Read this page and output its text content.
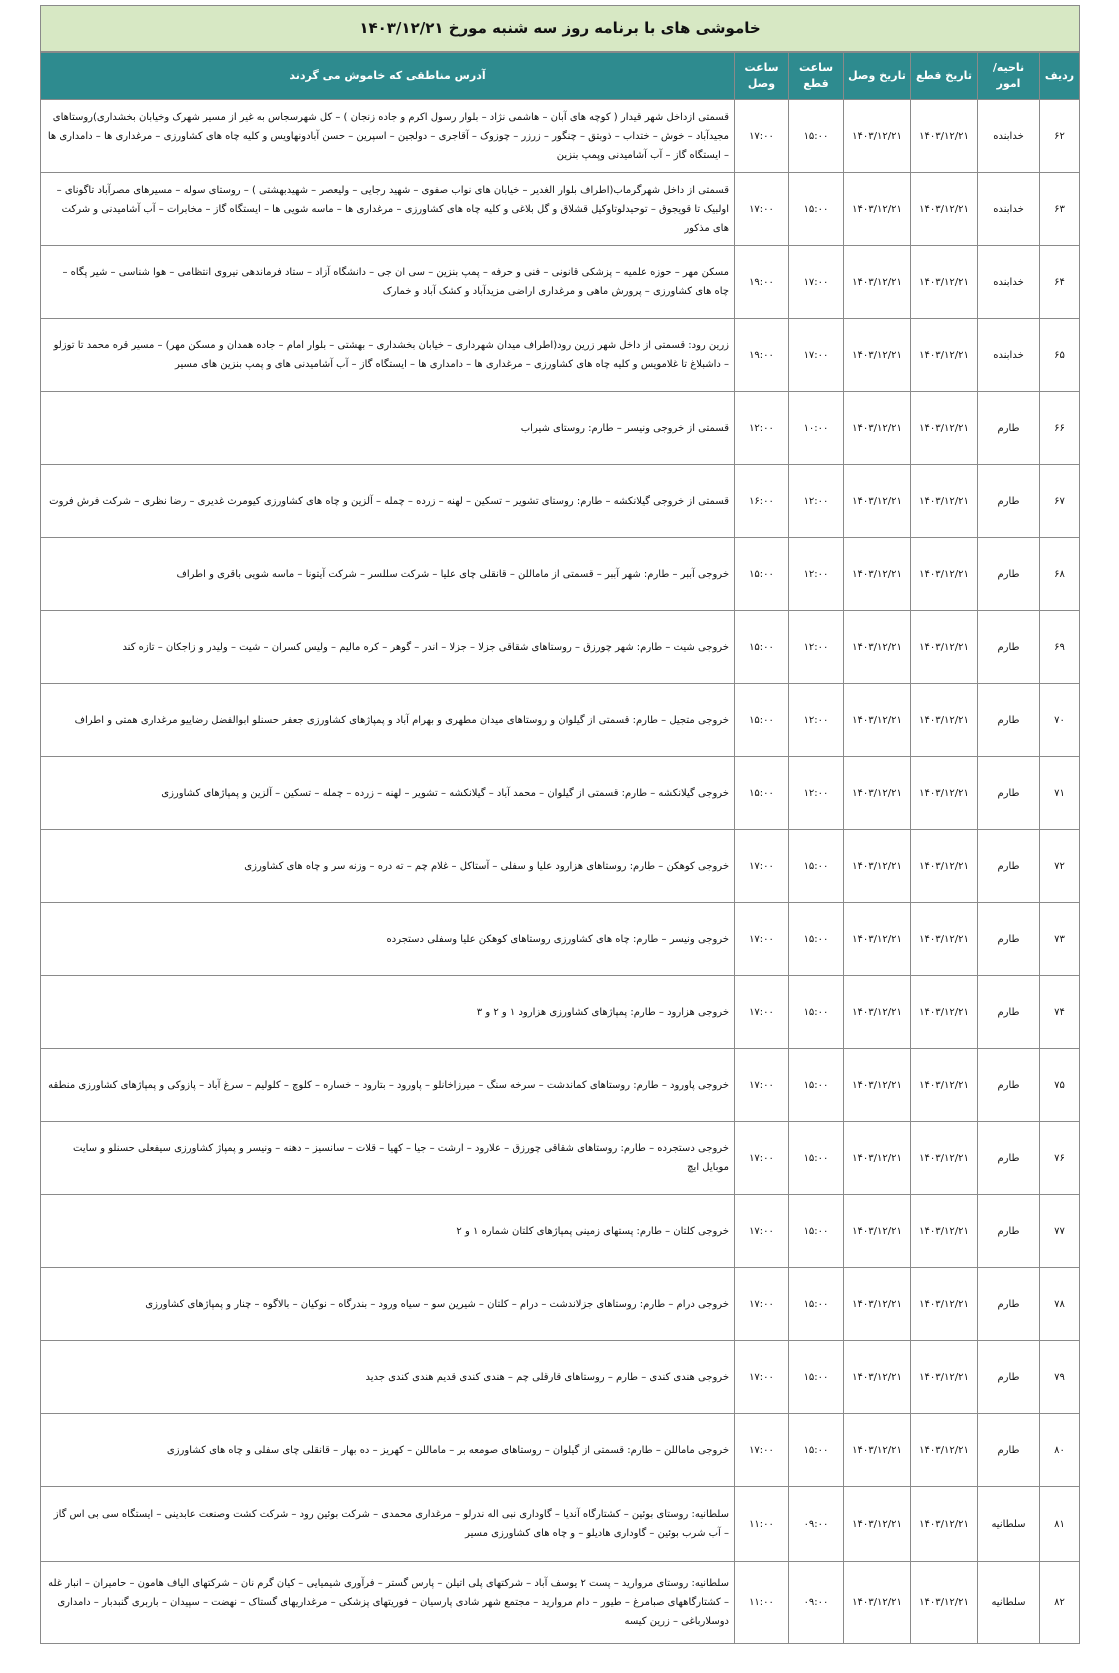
خاموشی های با برنامه روز سه شنبه مورخ ۱۴۰۳/۱۲/۲۱
ردیف	ناحیه/امور	تاریخ قطع	تاریخ وصل	ساعت قطع	ساعت وصل	آدرس مناطقی که خاموش می گردند
۶۲	خدابنده	۱۴۰۳/۱۲/۲۱	۱۴۰۳/۱۲/۲۱	۱۵:۰۰	۱۷:۰۰	قسمتی ازداخل شهر قیدار ( کوچه های آبان – هاشمی نژاد – بلوار رسول اکرم و جاده زنجان ) – کل شهرسجاس به غیر از مسیر شهرک وخیابان بخشداری)روستاهای مجیدآباد – خوش – ختداب – ذوبتق – چنگور – زرزر – چوزوک – آقاجری – دولجین – اسپرین – حسن آبادونهاویس و کلیه چاه های کشاورزی – مرغداری ها – دامداری ها – ایستگاه گاز – آب آشامیدنی وپمپ بنزین
۶۳	خدابنده	۱۴۰۳/۱۲/۲۱	۱۴۰۳/۱۲/۲۱	۱۵:۰۰	۱۷:۰۰	قسمتی از داخل شهرگرماب(اطراف بلوار الغدیر – خیابان های نواب صفوی – شهید رجایی – ولیعصر – شهیدبهشتی ) – روستای سوله – مسیرهای مصرآباد تاگونای – اولبیک تا قویجوق – توحیدلوتاوکیل قشلاق و گل بلاغی و کلیه چاه های کشاورزی – مرغداری ها – ماسه شویی ها – ایستگاه گاز – مخابرات – آب آشامیدنی و شرکت های مذکور
۶۴	خدابنده	۱۴۰۳/۱۲/۲۱	۱۴۰۳/۱۲/۲۱	۱۷:۰۰	۱۹:۰۰	مسکن مهر – حوزه علمیه – پزشکی قانونی – فنی و حرفه – پمپ بنزین – سی ان جی – دانشگاه آزاد – ستاد فرماندهی نیروی انتظامی – هوا شناسی – شیر پگاه – چاه های کشاورزی – پرورش ماهی و مرغداری اراضی مزیدآباد و کشک آباد و خمارک
۶۵	خدابنده	۱۴۰۳/۱۲/۲۱	۱۴۰۳/۱۲/۲۱	۱۷:۰۰	۱۹:۰۰	زرین رود: قسمتی از داخل شهر زرین رود(اطراف میدان شهرداری – خیابان بخشداری – بهشتی – بلوار امام – جاده همدان و مسکن مهر) – مسیر قره محمد تا توزلو – داشبلاغ تا غلامویس و کلیه چاه های کشاورزی – مرغداری ها – دامداری ها – ایستگاه گاز – آب آشامیدنی های و پمپ بنزین های مسیر
۶۶	طارم	۱۴۰۳/۱۲/۲۱	۱۴۰۳/۱۲/۲۱	۱۰:۰۰	۱۲:۰۰	قسمتی از خروجی ونیسر – طارم: روستای شیراب
۶۷	طارم	۱۴۰۳/۱۲/۲۱	۱۴۰۳/۱۲/۲۱	۱۲:۰۰	۱۶:۰۰	قسمتی از خروجی گیلانکشه – طارم: روستای تشویر – تسکین – لهنه – زرده – چمله – آلزین و چاه های کشاورزی کیومرث غدیری – رضا نظری – شرکت فرش فروت
۶۸	طارم	۱۴۰۳/۱۲/۲۱	۱۴۰۳/۱۲/۲۱	۱۲:۰۰	۱۵:۰۰	خروجی آببر – طارم: شهر آببر – قسمتی از ماماللن – قانقلی چای علیا – شرکت سللسر – شرکت آیتونا – ماسه شویی باقری و اطراف
۶۹	طارم	۱۴۰۳/۱۲/۲۱	۱۴۰۳/۱۲/۲۱	۱۲:۰۰	۱۵:۰۰	خروجی شیت – طارم: شهر چورزق – روستاهای شقاقی جزلا – جزلا – اندر – گوهر – کره مالیم – ولیس کسران – شیت – ولیدر و زاجکان – تازه کند
۷۰	طارم	۱۴۰۳/۱۲/۲۱	۱۴۰۳/۱۲/۲۱	۱۲:۰۰	۱۵:۰۰	خروجی متجیل – طارم: قسمتی از گیلوان و روستاهای میدان مطهری و بهرام آباد و پمپاژهای کشاورزی جعفر حسنلو ابوالفضل رضاییو مرغداری همتی و اطراف
۷۱	طارم	۱۴۰۳/۱۲/۲۱	۱۴۰۳/۱۲/۲۱	۱۲:۰۰	۱۵:۰۰	خروجی گیلانکشه – طارم: قسمتی از گیلوان – محمد آباد – گیلانکشه – تشویر – لهنه – زرده – چمله – تسکین – آلزین و پمپاژهای کشاورزی
۷۲	طارم	۱۴۰۳/۱۲/۲۱	۱۴۰۳/۱۲/۲۱	۱۵:۰۰	۱۷:۰۰	خروجی کوهکن – طارم: روستاهای هزارود علیا و سفلی – آستاکل – غلام چم – ته دره – وزنه سر و چاه های کشاورزی
۷۳	طارم	۱۴۰۳/۱۲/۲۱	۱۴۰۳/۱۲/۲۱	۱۵:۰۰	۱۷:۰۰	خروجی ونیسر – طارم: چاه های کشاورزی روستاهای کوهکن علیا وسفلی دستجرده
۷۴	طارم	۱۴۰۳/۱۲/۲۱	۱۴۰۳/۱۲/۲۱	۱۵:۰۰	۱۷:۰۰	خروجی هزارود – طارم: پمپاژهای کشاورزی هزارود ۱ و ۲ و ۳
۷۵	طارم	۱۴۰۳/۱۲/۲۱	۱۴۰۳/۱۲/۲۱	۱۵:۰۰	۱۷:۰۰	خروجی پاورود – طارم: روستاهای کماندشت – سرخه سنگ – میرزاخانلو – پاورود – بتارود – خساره – کلوچ – کلولیم – سرغ آباد – پازوکی و پمپاژهای کشاورزی منطقه
۷۶	طارم	۱۴۰۳/۱۲/۲۱	۱۴۰۳/۱۲/۲۱	۱۵:۰۰	۱۷:۰۰	خروجی دستجرده – طارم: روستاهای شقاقی چورزق – علارود – ارشت – جیا – کهیا – قلات – سانسیز – دهنه – ونیسر و پمپاژ کشاورزی سیفعلی حسنلو و سایت موبایل ایچ
۷۷	طارم	۱۴۰۳/۱۲/۲۱	۱۴۰۳/۱۲/۲۱	۱۵:۰۰	۱۷:۰۰	خروجی کلتان – طارم: پستهای زمینی پمپاژهای کلتان شماره ۱ و ۲
۷۸	طارم	۱۴۰۳/۱۲/۲۱	۱۴۰۳/۱۲/۲۱	۱۵:۰۰	۱۷:۰۰	خروجی درام – طارم: روستاهای جزلاندشت – درام – کلتان – شیرین سو – سیاه ورود – بندرگاه – نوکیان – بالاگوه – چنار و پمپاژهای کشاورزی
۷۹	طارم	۱۴۰۳/۱۲/۲۱	۱۴۰۳/۱۲/۲۱	۱۵:۰۰	۱۷:۰۰	خروجی هندی کندی – طارم – روستاهای قارقلی چم – هندی کندی قدیم هندی کندی جدید
۸۰	طارم	۱۴۰۳/۱۲/۲۱	۱۴۰۳/۱۲/۲۱	۱۵:۰۰	۱۷:۰۰	خروجی ماماللن – طارم: قسمتی از گیلوان – روستاهای صومعه بر – ماماللن – کهریز – ده بهار – قانقلی چای سفلی و چاه های کشاورزی
۸۱	سلطانیه	۱۴۰۳/۱۲/۲۱	۱۴۰۳/۱۲/۲۱	۰۹:۰۰	۱۱:۰۰	سلطانیه: روستای بوئین – کشتارگاه آندیا – گاوداری نبی اله ندرلو – مرغداری محمدی – شرکت بوئین رود – شرکت کشت وصنعت عابدینی – ایستگاه سی بی اس گاز – آب شرب بوئین – گاوداری هادیلو – و چاه های کشاورزی مسیر
۸۲	سلطانیه	۱۴۰۳/۱۲/۲۱	۱۴۰۳/۱۲/۲۱	۰۹:۰۰	۱۱:۰۰	سلطانیه: روستای مرواريد – پست ۲ یوسف آباد – شرکتهای پلی اتیلن – پارس گستر – فرآوری شیمیایی – کیان گرم نان – شرکتهای الیاف هامون – حامیران – انبار غله – کشتارگاههای صبامرغ – طیور – دام مروارید – مجتمع شهر شادی پارسیان – فوریتهای پزشکی – مرغداریهای گستاک – نهضت – سپیدان – باربری گنبدبار – دامداری دوسلارباغی – زرین کیسه
